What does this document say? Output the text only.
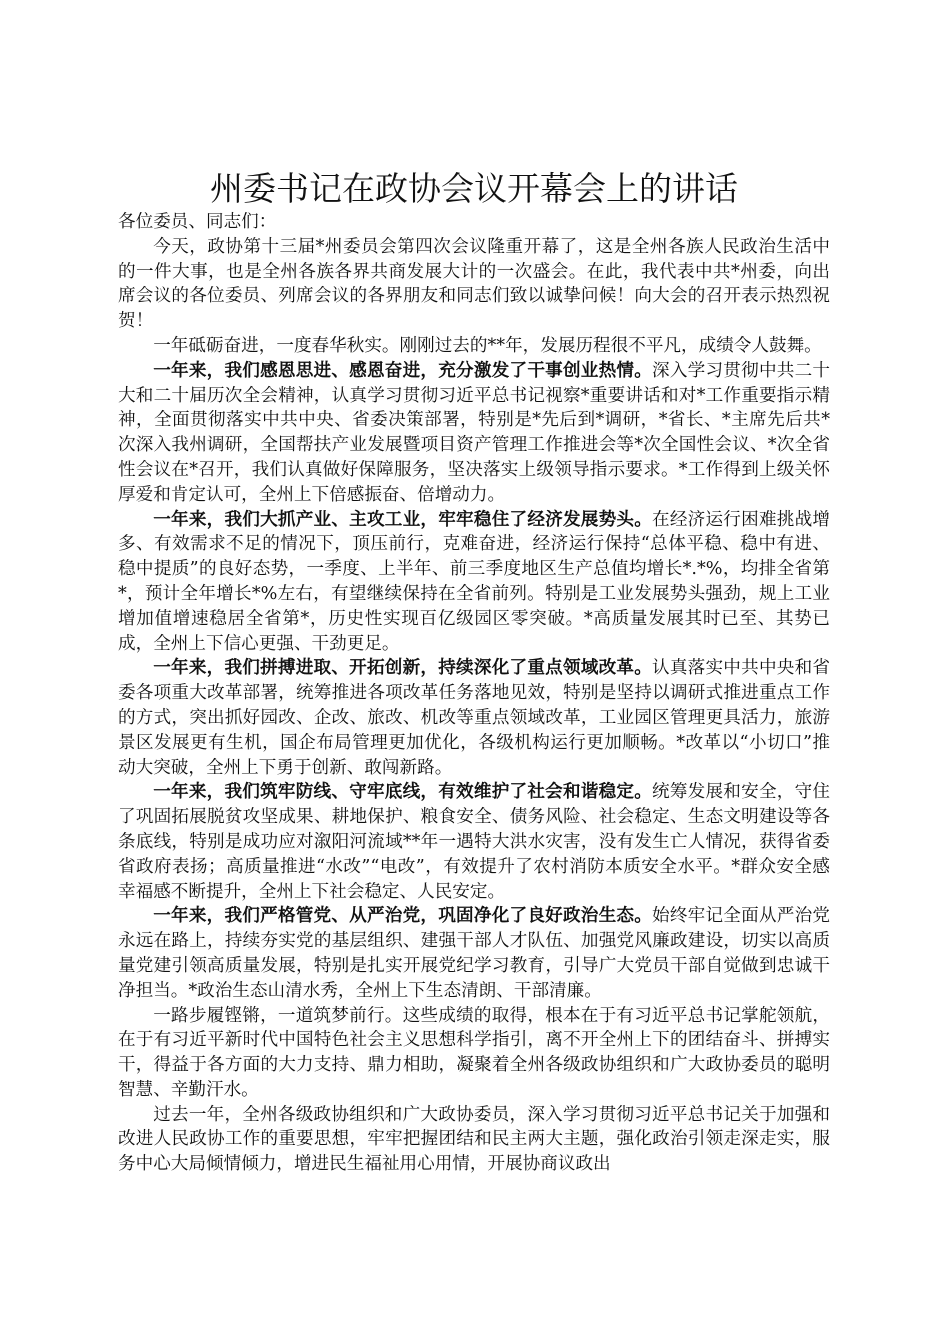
州委书记在政协会议开幕会上的讲话

各位委员、同志们：

今天，政协第十三届*州委员会第四次会议隆重开幕了，这是全州各族人民政治生活中的一件大事，也是全州各族各界共商发展大计的一次盛会。在此，我代表中共*州委，向出席会议的各位委员、列席会议的各界朋友和同志们致以诚挚问候！向大会的召开表示热烈祝贺！

一年砥砺奋进，一度春华秋实。刚刚过去的**年，发展历程很不平凡，成绩令人鼓舞。

一年来，我们感恩思进、感恩奋进，充分激发了干事创业热情。深入学习贯彻中共二十大和二十届历次全会精神，认真学习贯彻习近平总书记视察*重要讲话和对*工作重要指示精神，全面贯彻落实中共中央、省委决策部署，特别是*先后到*调研，*省长、*主席先后共*次深入我州调研，全国帮扶产业发展暨项目资产管理工作推进会等*次全国性会议、*次全省性会议在*召开，我们认真做好保障服务，坚决落实上级领导指示要求。*工作得到上级关怀厚爱和肯定认可，全州上下倍感振奋、倍增动力。

一年来，我们大抓产业、主攻工业，牢牢稳住了经济发展势头。在经济运行困难挑战增多、有效需求不足的情况下，顶压前行，克难奋进，经济运行保持“总体平稳、稳中有进、稳中提质”的良好态势，一季度、上半年、前三季度地区生产总值均增长*.*%，均排全省第*，预计全年增长*%左右，有望继续保持在全省前列。特别是工业发展势头强劲，规上工业增加值增速稳居全省第*，历史性实现百亿级园区零突破。*高质量发展其时已至、其势已成，全州上下信心更强、干劲更足。

一年来，我们拼搏进取、开拓创新，持续深化了重点领域改革。认真落实中共中央和省委各项重大改革部署，统筹推进各项改革任务落地见效，特别是坚持以调研式推进重点工作的方式，突出抓好园改、企改、旅改、机改等重点领域改革，工业园区管理更具活力，旅游景区发展更有生机，国企布局管理更加优化，各级机构运行更加顺畅。*改革以“小切口”推动大突破，全州上下勇于创新、敢闯新路。

一年来，我们筑牢防线、守牢底线，有效维护了社会和谐稳定。统筹发展和安全，守住了巩固拓展脱贫攻坚成果、耕地保护、粮食安全、债务风险、社会稳定、生态文明建设等各条底线，特别是成功应对溆阳河流域**年一遇特大洪水灾害，没有发生亡人情况，获得省委省政府表扬；高质量推进“水改”“电改”，有效提升了农村消防本质安全水平。*群众安全感幸福感不断提升，全州上下社会稳定、人民安定。

一年来，我们严格管党、从严治党，巩固净化了良好政治生态。始终牢记全面从严治党永远在路上，持续夯实党的基层组织、建强干部人才队伍、加强党风廉政建设，切实以高质量党建引领高质量发展，特别是扎实开展党纪学习教育，引导广大党员干部自觉做到忠诚干净担当。*政治生态山清水秀，全州上下生态清朗、干部清廉。

一路步履铿锵，一道筑梦前行。这些成绩的取得，根本在于有习近平总书记掌舵领航，在于有习近平新时代中国特色社会主义思想科学指引，离不开全州上下的团结奋斗、拼搏实干，得益于各方面的大力支持、鼎力相助，凝聚着全州各级政协组织和广大政协委员的聪明智慧、辛勤汗水。

过去一年，全州各级政协组织和广大政协委员，深入学习贯彻习近平总书记关于加强和改进人民政协工作的重要思想，牢牢把握团结和民主两大主题，强化政治引领走深走实，服务中心大局倾情倾力，增进民生福祉用心用情，开展协商议政出
